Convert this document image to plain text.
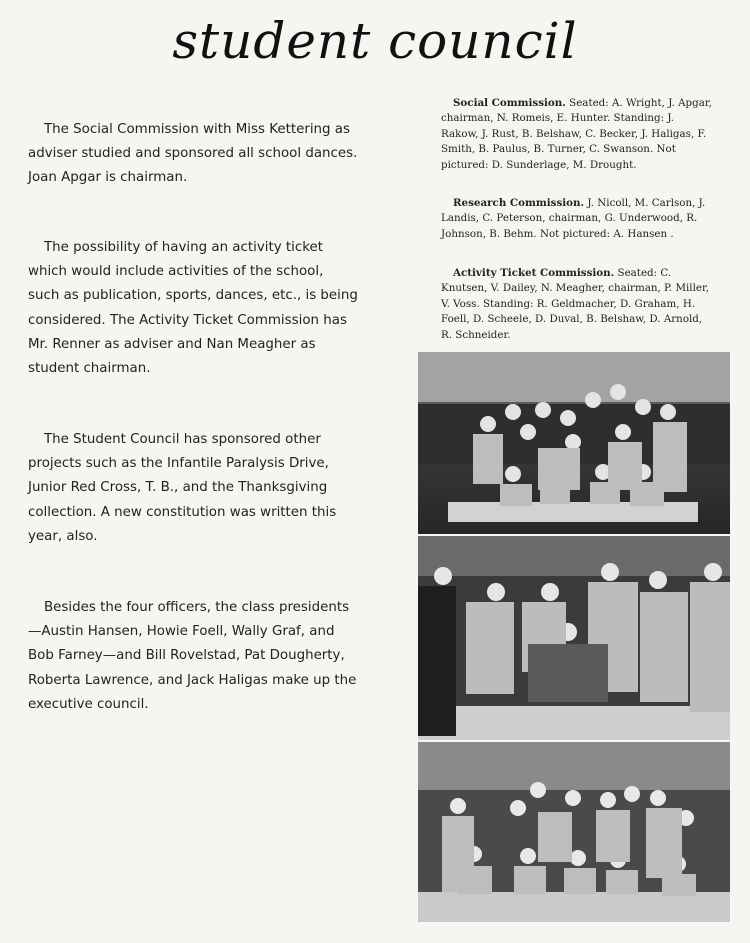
student council
The Social Commission with Miss Kettering as adviser studied and sponsored all school dances. Joan Apgar is chairman.
The possibility of having an activity ticket which would include activities of the school, such as publication, sports, dances, etc., is being considered. The Activity Ticket Commission has Mr. Renner as adviser and Nan Meagher as student chairman.
The Student Council has sponsored other projects such as the Infantile Paralysis Drive, Junior Red Cross, T. B., and the Thanksgiving collection. A new constitution was written this year, also.
Besides the four officers, the class presidents —Austin Hansen, Howie Foell, Wally Graf, and Bob Farney—and Bill Rovelstad, Pat Dougherty, Roberta Lawrence, and Jack Haligas make up the executive council.
Social Commission. Seated: A. Wright, J. Apgar, chairman, N. Romeis, E. Hunter. Standing: J. Rakow, J. Rust, B. Belshaw, C. Becker, J. Haligas, F. Smith, B. Paulus, B. Turner, C. Swanson. Not pictured: D. Sunderlage, M. Drought.
Research Commission. J. Nicoll, M. Carlson, J. Landis, C. Peterson, chairman, G. Underwood, R. Johnson, B. Behm. Not pictured: A. Hansen .
Activity Ticket Commission. Seated: C. Knutsen, V. Dailey, N. Meagher, chairman, P. Miller, V. Voss. Standing: R. Geldmacher, D. Graham, H. Foell, D. Scheele, D. Duval, B. Belshaw, D. Arnold, R. Schneider.
